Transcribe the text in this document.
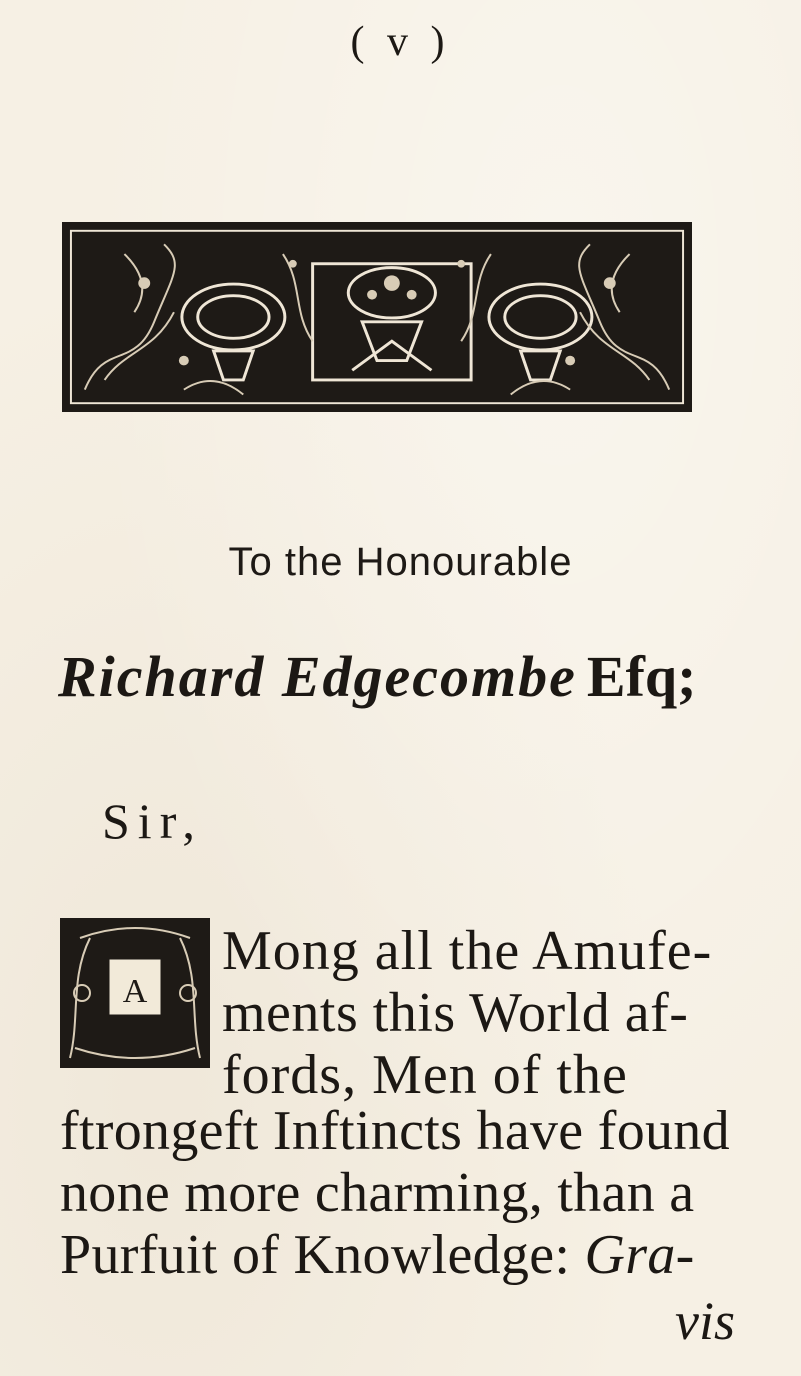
( v )
To the Honourable
Richard Edgecombe Efq;
Sir,
A
Mong all the Amufe-
ments this World af-
fords, Men of the
ftrongeft Inftincts have found
none more charming, than a
Purfuit of Knowledge: Gra-
vis
